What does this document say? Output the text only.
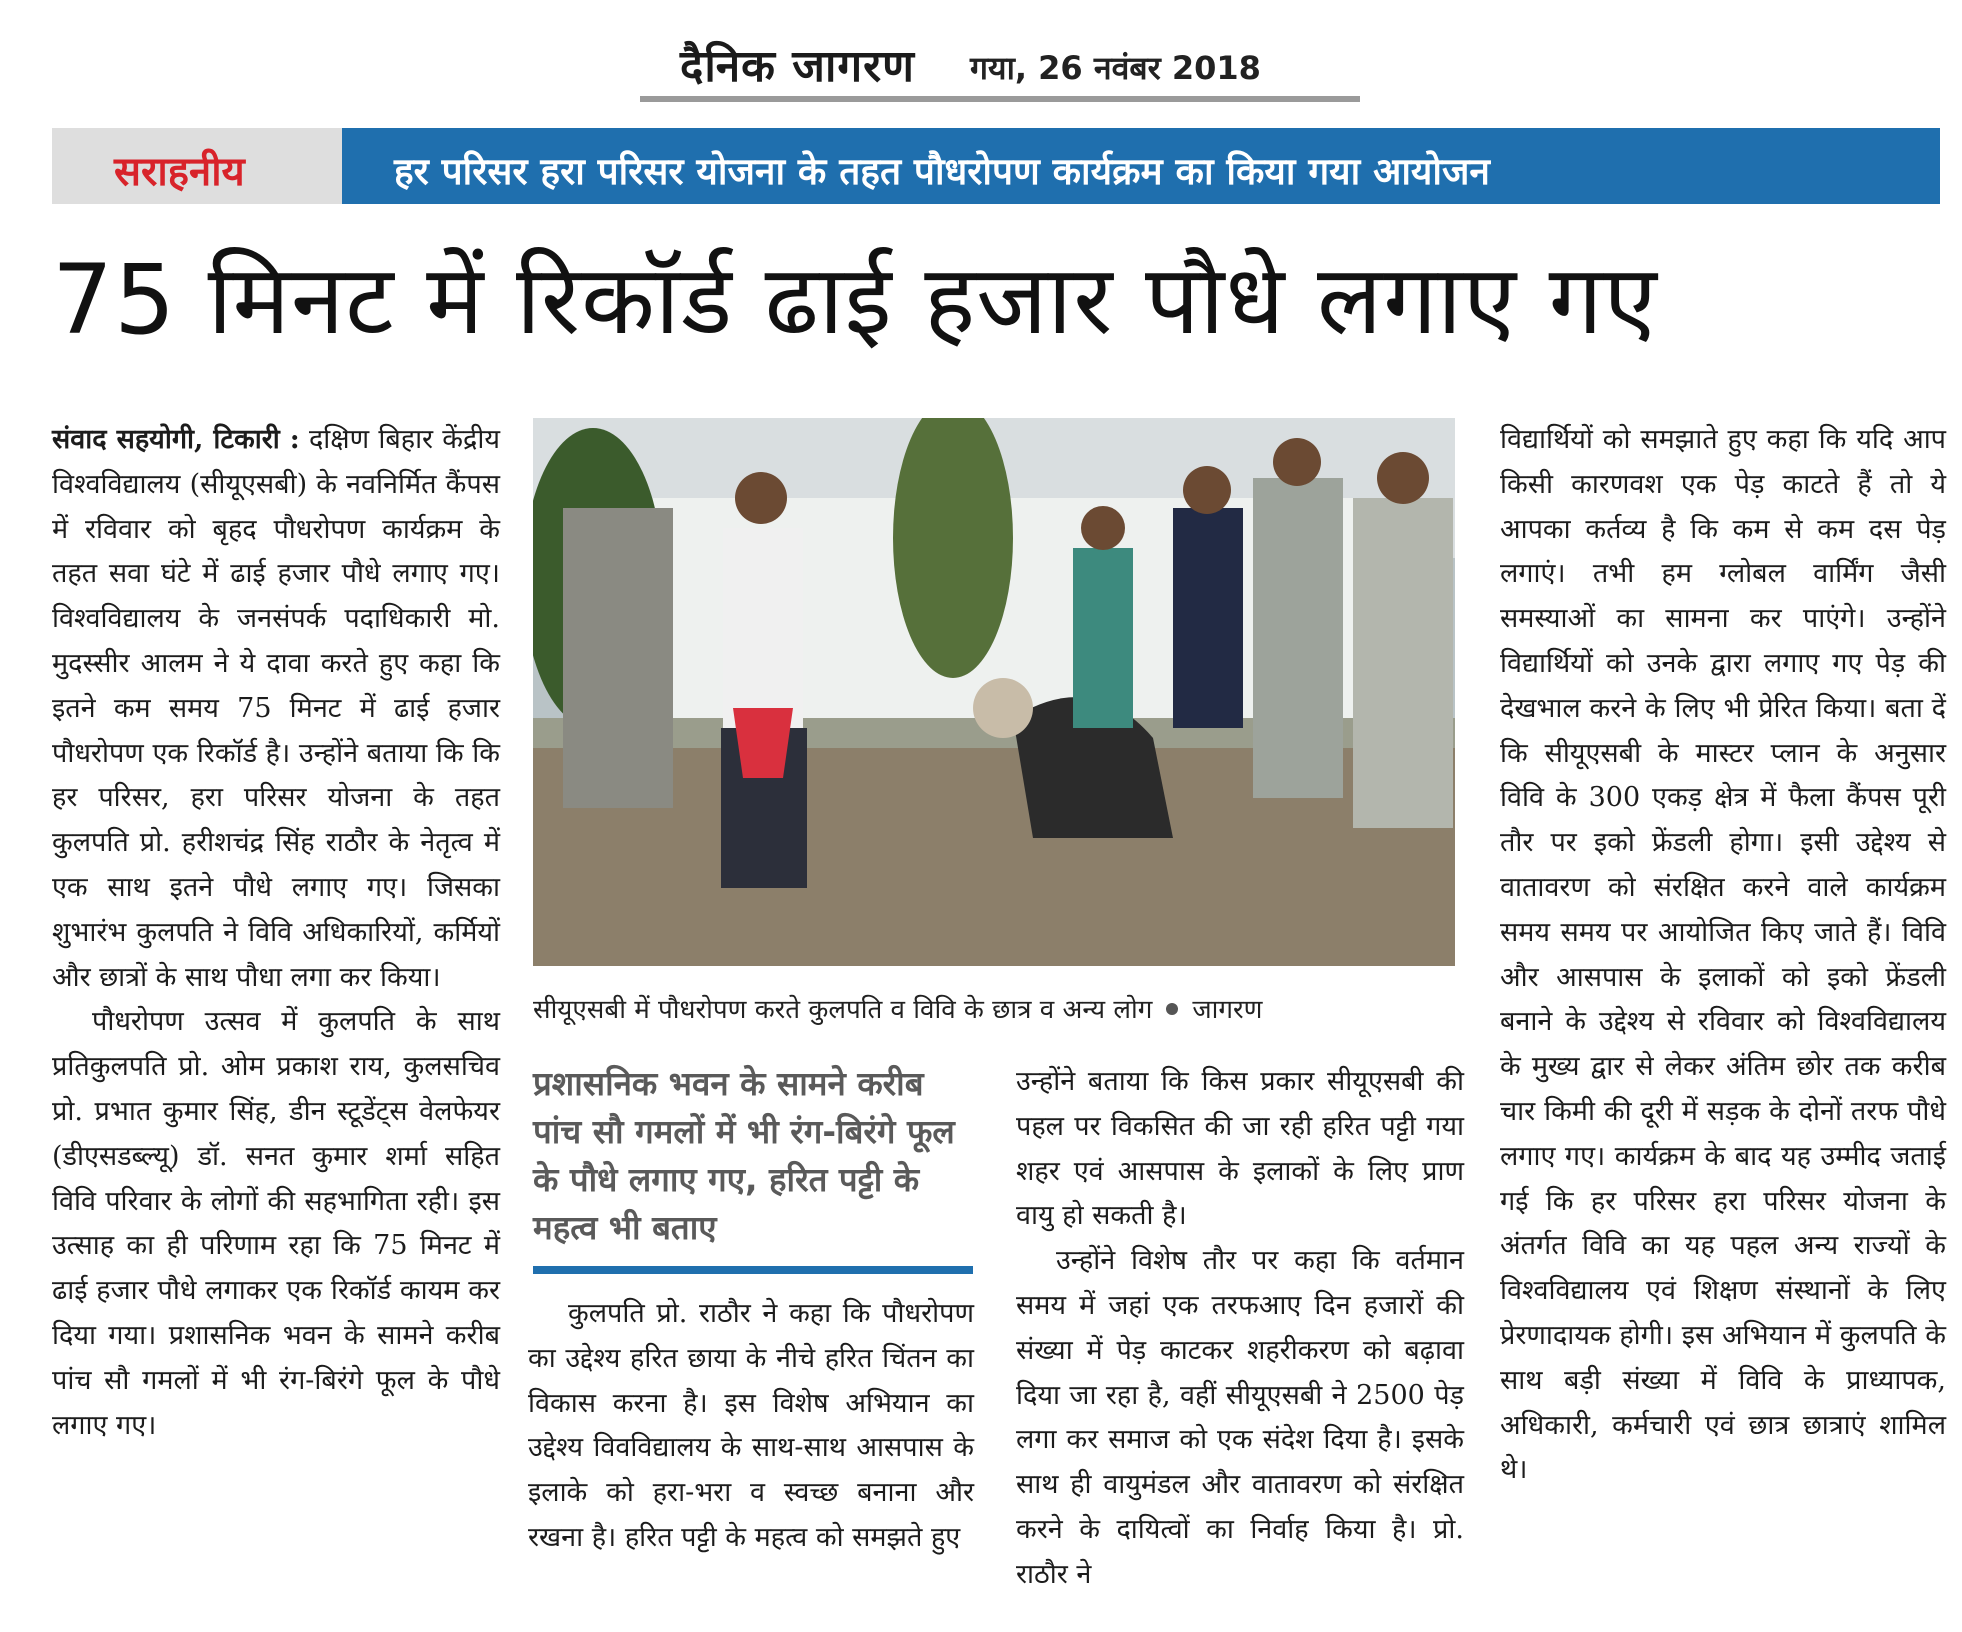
दैनिक जागरण गया, 26 नवंबर 2018
सराहनीय	हर परिसर हरा परिसर योजना के तहत पौधरोपण कार्यक्रम का किया गया आयोजन
75 मिनट में रिकॉर्ड ढाई हजार पौधे लगाए गए

संवाद सहयोगी, टिकारी : दक्षिण बिहार केंद्रीय विश्वविद्यालय (सीयूएसबी) के नवनिर्मित कैंपस में रविवार को बृहद पौधरोपण कार्यक्रम के तहत सवा घंटे में ढाई हजार पौधे लगाए गए। विश्वविद्यालय के जनसंपर्क पदाधिकारी मो. मुदस्सीर आलम ने ये दावा करते हुए कहा कि इतने कम समय 75 मिनट में ढाई हजार पौधरोपण एक रिकॉर्ड है। उन्होंने बताया कि कि हर परिसर, हरा परिसर योजना के तहत कुलपति प्रो. हरीशचंद्र सिंह राठौर के नेतृत्व में एक साथ इतने पौधे लगाए गए। जिसका शुभारंभ कुलपति ने विवि अधिकारियों, कर्मियों और छात्रों के साथ पौधा लगा कर किया।

पौधरोपण उत्सव में कुलपति के साथ प्रतिकुलपति प्रो. ओम प्रकाश राय, कुलसचिव प्रो. प्रभात कुमार सिंह, डीन स्टूडेंट्स वेलफेयर (डीएसडब्ल्यू) डॉ. सनत कुमार शर्मा सहित विवि परिवार के लोगों की सहभागिता रही। इस उत्साह का ही परिणाम रहा कि 75 मिनट में ढाई हजार पौधे लगाकर एक रिकॉर्ड कायम कर दिया गया। प्रशासनिक भवन के सामने करीब पांच सौ गमलों में भी रंग-बिरंगे फूल के पौधे लगाए गए।

सीयूएसबी में पौधरोपण करते कुलपति व विवि के छात्र व अन्य लोग जागरण
प्रशासनिक भवन के सामने करीब पांच सौ गमलों में भी रंग-बिरंगे फूल के पौधे लगाए गए, हरित पट्टी के महत्व भी बताए

कुलपति प्रो. राठौर ने कहा कि पौधरोपण का उद्देश्य हरित छाया के नीचे हरित चिंतन का विकास करना है। इस विशेष अभियान का उद्देश्य विवविद्यालय के साथ-साथ आसपास के इलाके को हरा-भरा व स्वच्छ बनाना और रखना है। हरित पट्टी के महत्व को समझते हुए

उन्होंने बताया कि किस प्रकार सीयूएसबी की पहल पर विकसित की जा रही हरित पट्टी गया शहर एवं आसपास के इलाकों के लिए प्राण वायु हो सकती है।

उन्होंने विशेष तौर पर कहा कि वर्तमान समय में जहां एक तरफआए दिन हजारों की संख्या में पेड़ काटकर शहरीकरण को बढ़ावा दिया जा रहा है, वहीं सीयूएसबी ने 2500 पेड़ लगा कर समाज को एक संदेश दिया है। इसके साथ ही वायुमंडल और वातावरण को संरक्षित करने के दायित्वों का निर्वाह किया है। प्रो. राठौर ने

विद्यार्थियों को समझाते हुए कहा कि यदि आप किसी कारणवश एक पेड़ काटते हैं तो ये आपका कर्तव्य है कि कम से कम दस पेड़ लगाएं। तभी हम ग्लोबल वार्मिंग जैसी समस्याओं का सामना कर पाएंगे। उन्होंने विद्यार्थियों को उनके द्वारा लगाए गए पेड़ की देखभाल करने के लिए भी प्रेरित किया। बता दें कि सीयूएसबी के मास्टर प्लान के अनुसार विवि के 300 एकड़ क्षेत्र में फैला कैंपस पूरी तौर पर इको फ्रेंडली होगा। इसी उद्देश्य से वातावरण को संरक्षित करने वाले कार्यक्रम समय समय पर आयोजित किए जाते हैं। विवि और आसपास के इलाकों को इको फ्रेंडली बनाने के उद्देश्य से रविवार को विश्वविद्यालय के मुख्य द्वार से लेकर अंतिम छोर तक करीब चार किमी की दूरी में सड़क के दोनों तरफ पौधे लगाए गए। कार्यक्रम के बाद यह उम्मीद जताई गई कि हर परिसर हरा परिसर योजना के अंतर्गत विवि का यह पहल अन्य राज्यों के विश्वविद्यालय एवं शिक्षण संस्थानों के लिए प्रेरणादायक होगी। इस अभियान में कुलपति के साथ बड़ी संख्या में विवि के प्राध्यापक, अधिकारी, कर्मचारी एवं छात्र छात्राएं शामिल थे।
